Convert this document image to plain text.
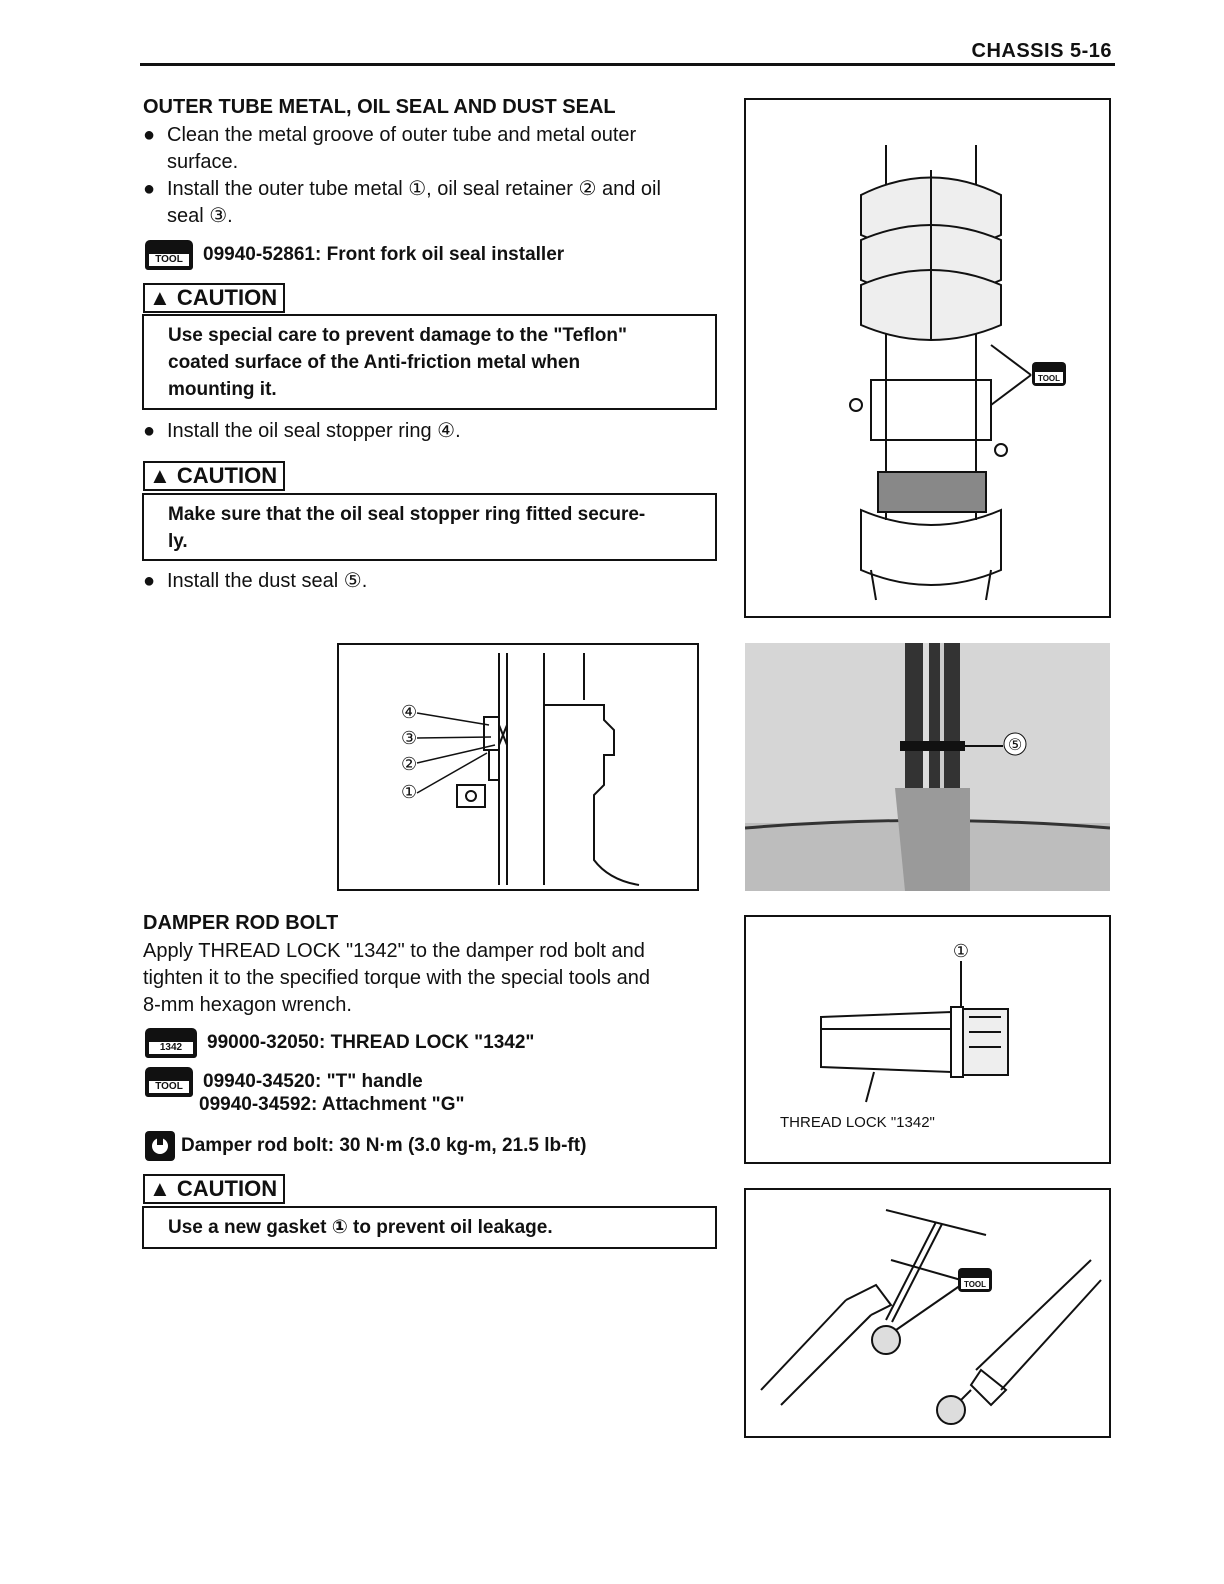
CHASSIS 5-16
OUTER TUBE METAL, OIL SEAL AND DUST SEAL
● Clean the metal groove of outer tube and metal outer
surface.
● Install the outer tube metal ①, oil seal retainer ② and oil
seal ③.
TOOL	09940-52861: Front fork oil seal installer
▲ CAUTION
Use special care to prevent damage to the "Teflon"
coated surface of the Anti-friction metal when
mounting it.
● Install the oil seal stopper ring ④.
▲ CAUTION
Make sure that the oil seal stopper ring fitted secure-
ly.
● Install the dust seal ⑤.
TOOL
④
③
②
①
⑤
DAMPER ROD BOLT
Apply THREAD LOCK "1342" to the damper rod bolt and
tighten it to the specified torque with the special tools and
8-mm hexagon wrench.
1342	99000-32050: THREAD LOCK "1342"
TOOL	09940-34520: "T" handle
09940-34592: Attachment "G"
Damper rod bolt: 30 N·m (3.0 kg-m, 21.5 lb-ft)
▲ CAUTION
Use a new gasket ① to prevent oil leakage.
①
THREAD LOCK "1342"
TOOL
